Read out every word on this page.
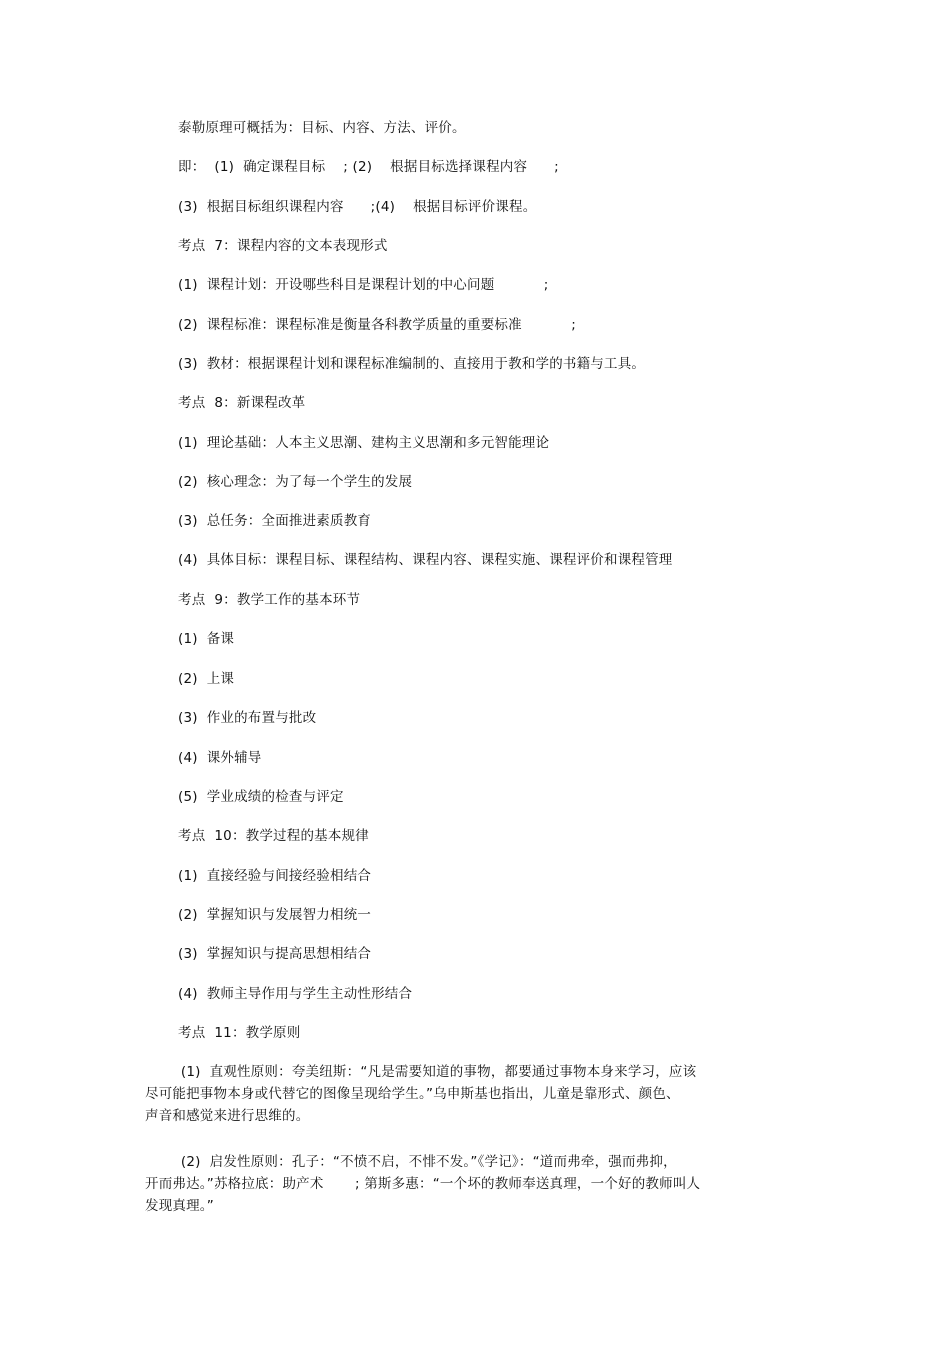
泰勒原理可概括为：目标、内容、方法、评价。
即：  (1)  确定课程目标    ; (2)    根据目标选择课程内容      ;
(3)  根据目标组织课程内容      ;(4)    根据目标评价课程。
考点  7：课程内容的文本表现形式
(1)  课程计划：开设哪些科目是课程计划的中心问题           ;
(2)  课程标准：课程标准是衡量各科教学质量的重要标准           ;
(3)  教材：根据课程计划和课程标准编制的、直接用于教和学的书籍与工具。
考点  8：新课程改革
(1)  理论基础：人本主义思潮、建构主义思潮和多元智能理论
(2)  核心理念：为了每一个学生的发展
(3)  总任务：全面推进素质教育
(4)  具体目标：课程目标、课程结构、课程内容、课程实施、课程评价和课程管理
考点  9：教学工作的基本环节
(1)  备课
(2)  上课
(3)  作业的布置与批改
(4)  课外辅导
(5)  学业成绩的检查与评定
考点  10：教学过程的基本规律
(1)  直接经验与间接经验相结合
(2)  掌握知识与发展智力相统一
(3)  掌握知识与提高思想相结合
(4)  教师主导作用与学生主动性形结合
考点  11：教学原则
(1)  直观性原则：夸美纽斯：“凡是需要知道的事物，都要通过事物本身来学习，应该
尽可能把事物本身或代替它的图像呈现给学生。”乌申斯基也指出，儿童是靠形式、颜色、
声音和感觉来进行思维的。
(2)  启发性原则：孔子：“不愤不启，不悱不发。”《学记》：“道而弗牵，强而弗抑，
开而弗达。”苏格拉底：助产术       ; 第斯多惠：“一个坏的教师奉送真理，一个好的教师叫人
发现真理。”
